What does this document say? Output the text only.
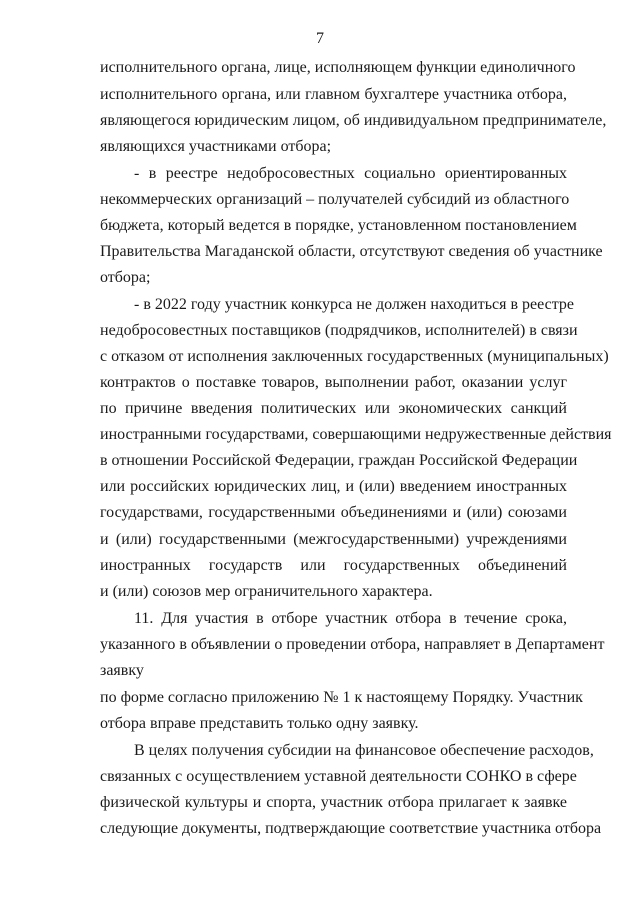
7
исполнительного органа, лице, исполняющем функции единоличного
исполнительного органа, или главном бухгалтере участника отбора,
являющегося юридическим лицом, об индивидуальном предпринимателе,
являющихся участниками отбора;
- в реестре недобросовестных социально ориентированных
некоммерческих организаций – получателей субсидий из областного
бюджета, который ведется в порядке, установленном постановлением
Правительства Магаданской области, отсутствуют сведения об участнике
отбора;
- в 2022 году участник конкурса не должен находиться в реестре
недобросовестных поставщиков (подрядчиков, исполнителей) в связи
с отказом от исполнения заключенных государственных (муниципальных)
контрактов о поставке товаров, выполнении работ, оказании услуг
по причине введения политических или экономических санкций
иностранными государствами, совершающими недружественные действия
в отношении Российской Федерации, граждан Российской Федерации
или российских юридических лиц, и (или) введением иностранных
государствами, государственными объединениями и (или) союзами
и (или) государственными (межгосударственными) учреждениями
иностранных государств или государственных объединений
и (или) союзов мер ограничительного характера.
11. Для участия в отборе участник отбора в течение срока,
указанного в объявлении о проведении отбора, направляет в Департамент
заявку
по форме согласно приложению № 1 к настоящему Порядку. Участник
отбора вправе представить только одну заявку.
В целях получения субсидии на финансовое обеспечение расходов,
связанных с осуществлением уставной деятельности СОНКО в сфере
физической культуры и спорта, участник отбора прилагает к заявке
следующие документы, подтверждающие соответствие участника отбора
